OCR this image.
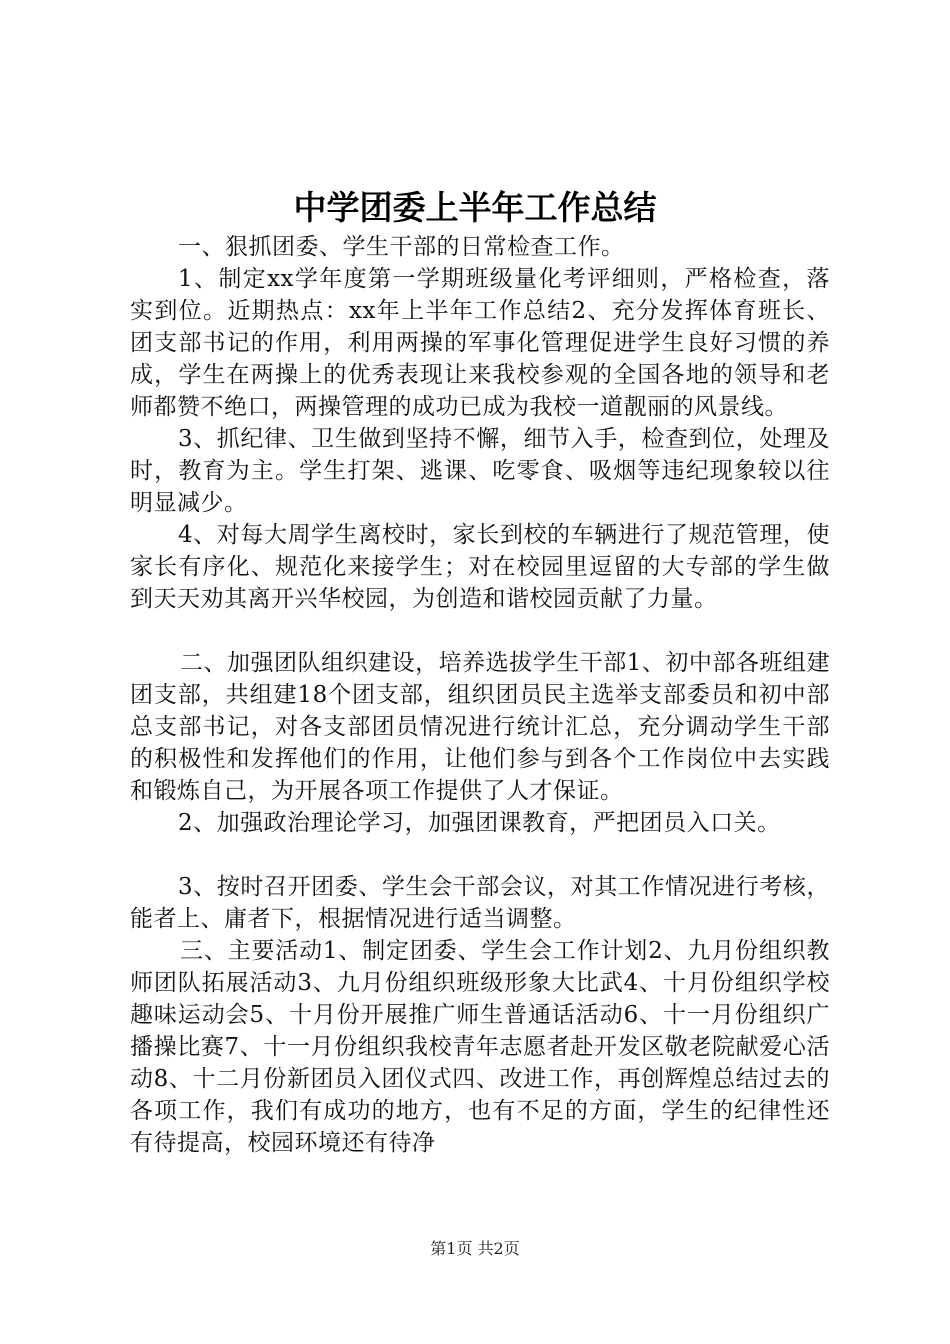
中学团委上半年工作总结

一、狠抓团委、学生干部的日常检查工作。

1、制定xx学年度第一学期班级量化考评细则，严格检查，落实到位。近期热点：xx年上半年工作总结2、充分发挥体育班长、团支部书记的作用，利用两操的军事化管理促进学生良好习惯的养成，学生在两操上的优秀表现让来我校参观的全国各地的领导和老师都赞不绝口，两操管理的成功已成为我校一道靓丽的风景线。

3、抓纪律、卫生做到坚持不懈，细节入手，检查到位，处理及时，教育为主。学生打架、逃课、吃零食、吸烟等违纪现象较以往明显减少。

4、对每大周学生离校时，家长到校的车辆进行了规范管理，使家长有序化、规范化来接学生；对在校园里逗留的大专部的学生做到天天劝其离开兴华校园，为创造和谐校园贡献了力量。

二、加强团队组织建设，培养选拔学生干部1、初中部各班组建团支部，共组建18个团支部，组织团员民主选举支部委员和初中部总支部书记，对各支部团员情况进行统计汇总，充分调动学生干部的积极性和发挥他们的作用，让他们参与到各个工作岗位中去实践和锻炼自己，为开展各项工作提供了人才保证。

2、加强政治理论学习，加强团课教育，严把团员入口关。

3、按时召开团委、学生会干部会议，对其工作情况进行考核，能者上、庸者下，根据情况进行适当调整。

三、主要活动1、制定团委、学生会工作计划2、九月份组织教师团队拓展活动3、九月份组织班级形象大比武4、十月份组织学校趣味运动会5、十月份开展推广师生普通话活动6、十一月份组织广播操比赛7、十一月份组织我校青年志愿者赴开发区敬老院献爱心活动8、十二月份新团员入团仪式四、改进工作，再创辉煌总结过去的各项工作，我们有成功的地方，也有不足的方面，学生的纪律性还有待提高，校园环境还有待净

第1页 共2页
